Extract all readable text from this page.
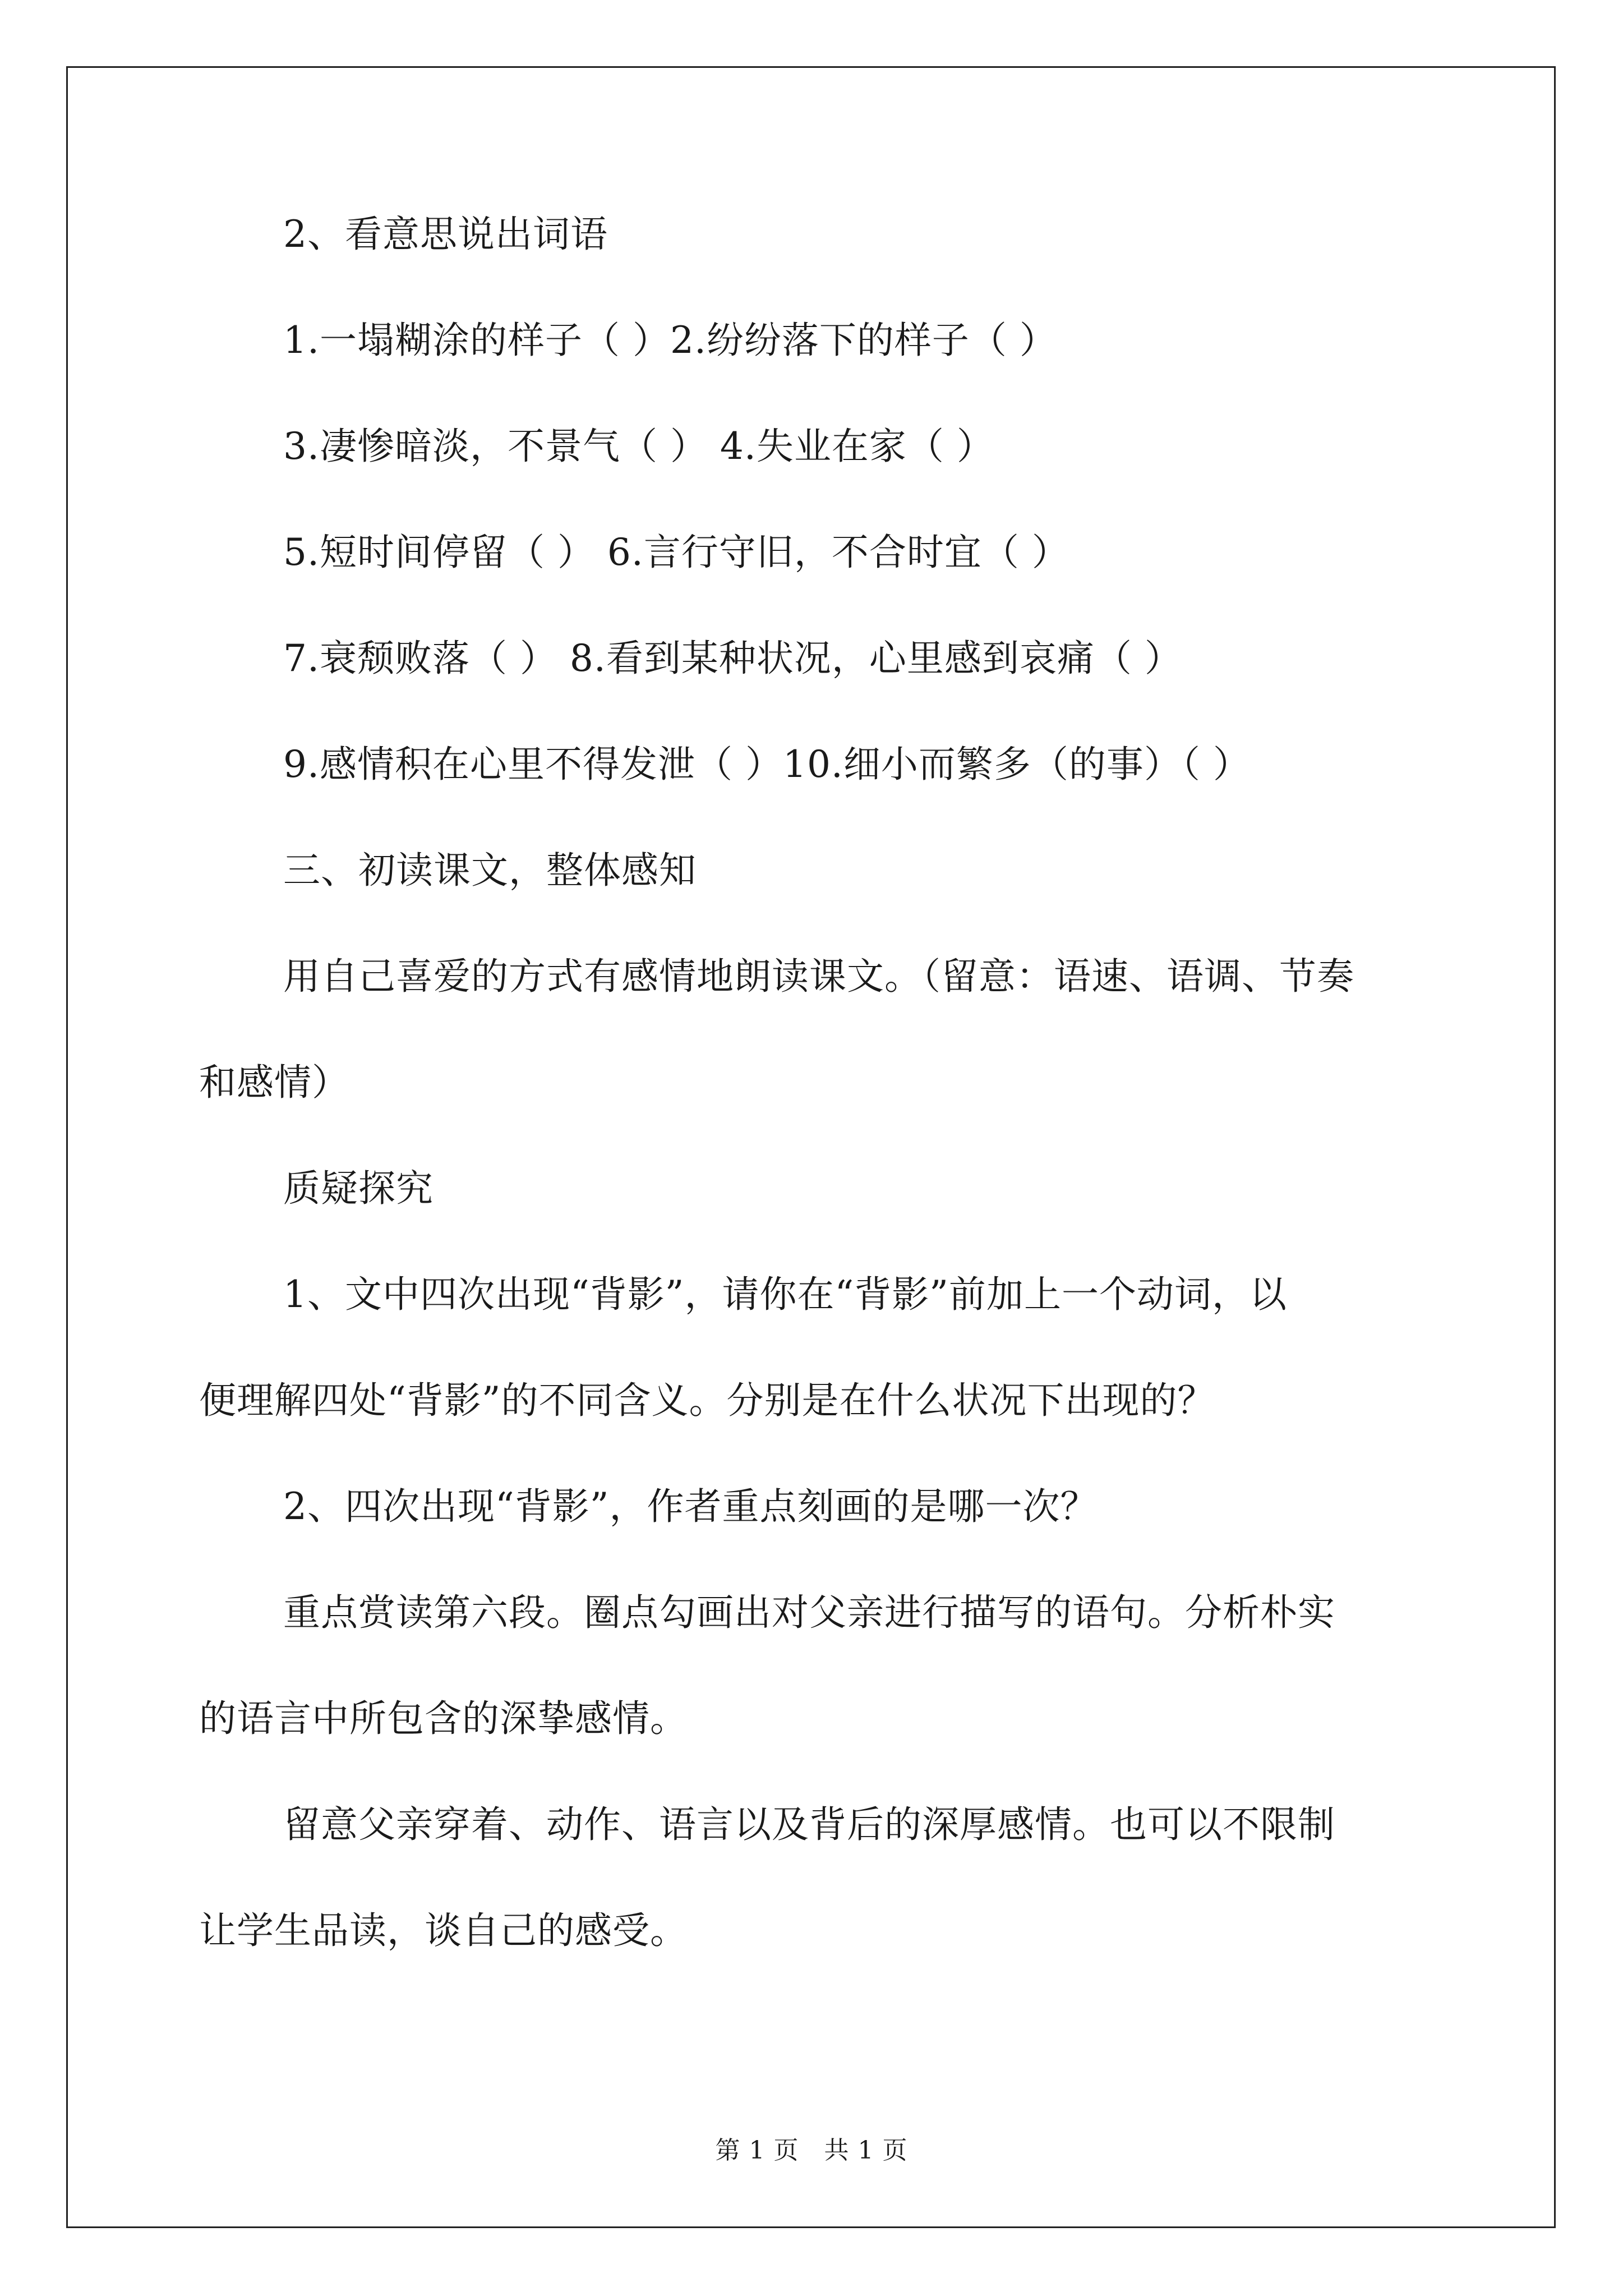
2、看意思说出词语

1.一塌糊涂的样子（ ）2.纷纷落下的样子（ ）

3.凄惨暗淡，不景气（ ） 4.失业在家（ ）

5.短时间停留（ ） 6.言行守旧，不合时宜（ ）

7.衰颓败落（ ） 8.看到某种状况，心里感到哀痛（ ）

9.感情积在心里不得发泄（ ）10.细小而繁多（的事）（ ）

三、初读课文，整体感知

用自己喜爱的方式有感情地朗读课文。（留意：语速、语调、节奏

和感情）

质疑探究

1、文中四次出现“背影”，请你在“背影”前加上一个动词，以

便理解四处“背影”的不同含义。分别是在什么状况下出现的？

2、四次出现“背影”，作者重点刻画的是哪一次？

重点赏读第六段。圈点勾画出对父亲进行描写的语句。分析朴实

的语言中所包含的深挚感情。

留意父亲穿着、动作、语言以及背后的深厚感情。也可以不限制

让学生品读，谈自己的感受。

第 1 页　共 1 页
